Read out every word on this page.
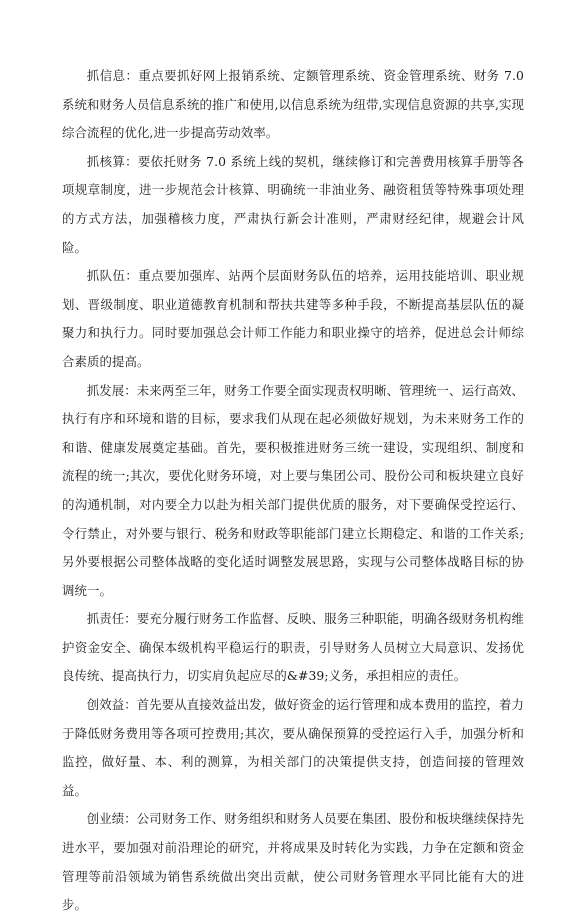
抓信息：重点要抓好网上报销系统、定额管理系统、资金管理系统、财务 7.0 系统和财务人员信息系统的推广和使用,以信息系统为纽带,实现信息资源的共享,实现综合流程的优化,进一步提高劳动效率。

抓核算：要依托财务 7.0 系统上线的契机，继续修订和完善费用核算手册等各项规章制度，进一步规范会计核算、明确统一非油业务、融资租赁等特殊事项处理的方式方法，加强稽核力度，严肃执行新会计准则，严肃财经纪律，规避会计风险。

抓队伍：重点要加强库、站两个层面财务队伍的培养，运用技能培训、职业规划、晋级制度、职业道德教育机制和帮扶共建等多种手段，不断提高基层队伍的凝聚力和执行力。同时要加强总会计师工作能力和职业操守的培养，促进总会计师综合素质的提高。

抓发展：未来两至三年，财务工作要全面实现责权明晰、管理统一、运行高效、执行有序和环境和谐的目标，要求我们从现在起必须做好规划，为未来财务工作的和谐、健康发展奠定基础。首先，要积极推进财务三统一建设，实现组织、制度和流程的统一;其次，要优化财务环境，对上要与集团公司、股份公司和板块建立良好的沟通机制，对内要全力以赴为相关部门提供优质的服务，对下要确保受控运行、令行禁止，对外要与银行、税务和财政等职能部门建立长期稳定、和谐的工作关系;另外要根据公司整体战略的变化适时调整发展思路，实现与公司整体战略目标的协调统一。

抓责任：要充分履行财务工作监督、反映、服务三种职能，明确各级财务机构维护资金安全、确保本级机构平稳运行的职责，引导财务人员树立大局意识、发扬优良传统、提高执行力，切实肩负起应尽的&#39;义务，承担相应的责任。

创效益：首先要从直接效益出发，做好资金的运行管理和成本费用的监控，着力于降低财务费用等各项可控费用;其次，要从确保预算的受控运行入手，加强分析和监控，做好量、本、利的测算，为相关部门的决策提供支持，创造间接的管理效益。

创业绩：公司财务工作、财务组织和财务人员要在集团、股份和板块继续保持先进水平，要加强对前沿理论的研究，并将成果及时转化为实践，力争在定额和资金管理等前沿领域为销售系统做出突出贡献，使公司财务管理水平同比能有大的进步。
